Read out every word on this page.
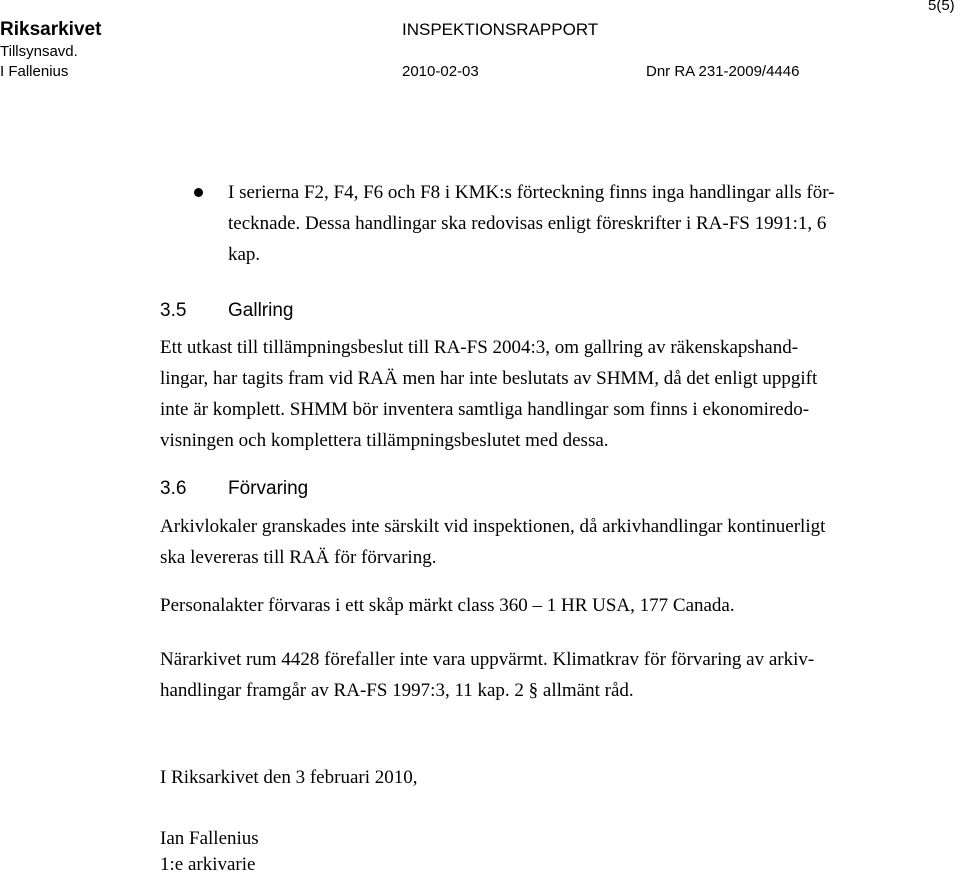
Riksarkivet	INSPEKTIONSRAPPORT
5(5)
Tillsynsavd.
I Fallenius	2010-02-03	Dnr RA 231-2009/4446
I serierna F2, F4, F6 och F8 i KMK:s förteckning finns inga handlingar alls för-
tecknade. Dessa handlingar ska redovisas enligt föreskrifter i RA-FS 1991:1, 6
kap.
3.5 Gallring
Ett utkast till tillämpningsbeslut till RA-FS 2004:3, om gallring av räkenskapshand-
lingar, har tagits fram vid RAÄ men har inte beslutats av SHMM, då det enligt uppgift
inte är komplett. SHMM bör inventera samtliga handlingar som finns i ekonomiredo-
visningen och komplettera tillämpningsbeslutet med dessa.
3.6 Förvaring
Arkivlokaler granskades inte särskilt vid inspektionen, då arkivhandlingar kontinuerligt
ska levereras till RAÄ för förvaring.
Personalakter förvaras i ett skåp märkt class 360 – 1 HR USA, 177 Canada.
Närarkivet rum 4428 förefaller inte vara uppvärmt. Klimatkrav för förvaring av arkiv-
handlingar framgår av RA-FS 1997:3, 11 kap. 2 § allmänt råd.
I Riksarkivet den 3 februari 2010,
Ian Fallenius
1:e arkivarie
